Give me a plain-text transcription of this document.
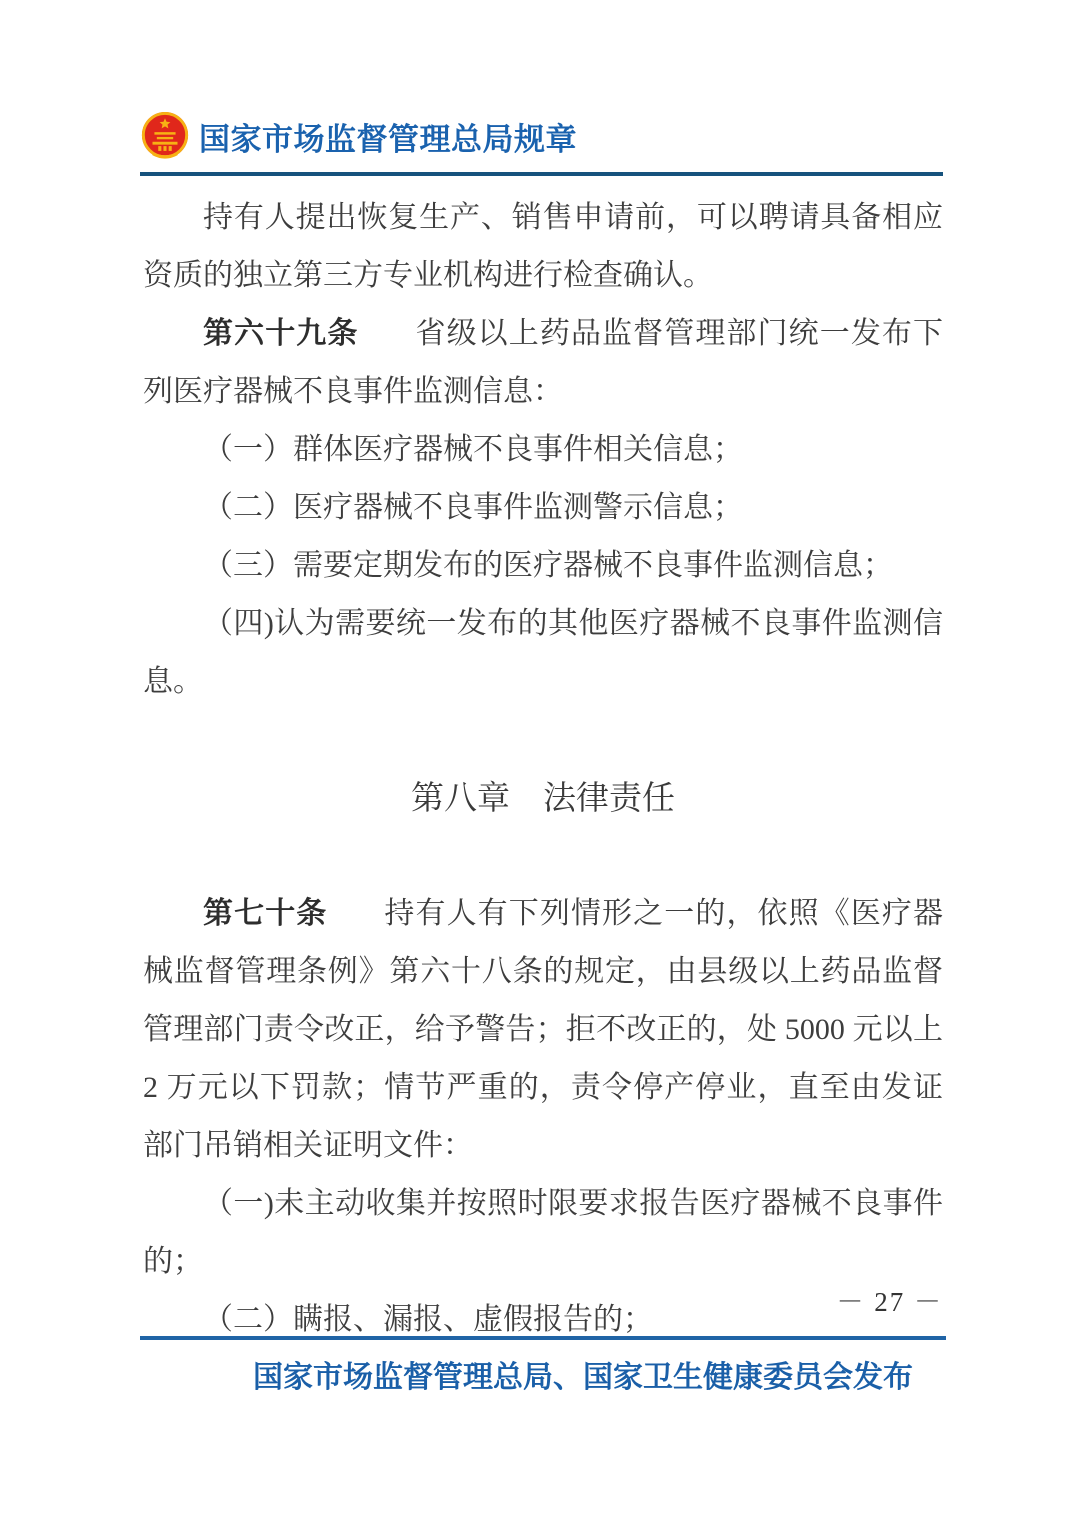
国家市场监督管理总局规章
持有人提出恢复生产、销售申请前，可以聘请具备相应资质的独立第三方专业机构进行检查确认。
第六十九条 省级以上药品监督管理部门统一发布下列医疗器械不良事件监测信息：
（一）群体医疗器械不良事件相关信息；
（二）医疗器械不良事件监测警示信息；
（三）需要定期发布的医疗器械不良事件监测信息；
（四)认为需要统一发布的其他医疗器械不良事件监测信息。
第八章　法律责任
第七十条 持有人有下列情形之一的，依照《医疗器械监督管理条例》第六十八条的规定，由县级以上药品监督管理部门责令改正，给予警告；拒不改正的，处 5000 元以上 2 万元以下罚款；情节严重的，责令停产停业，直至由发证部门吊销相关证明文件：
（一)未主动收集并按照时限要求报告医疗器械不良事件的；
（二）瞒报、漏报、虚假报告的；
－ 27 －
国家市场监督管理总局、国家卫生健康委员会发布
